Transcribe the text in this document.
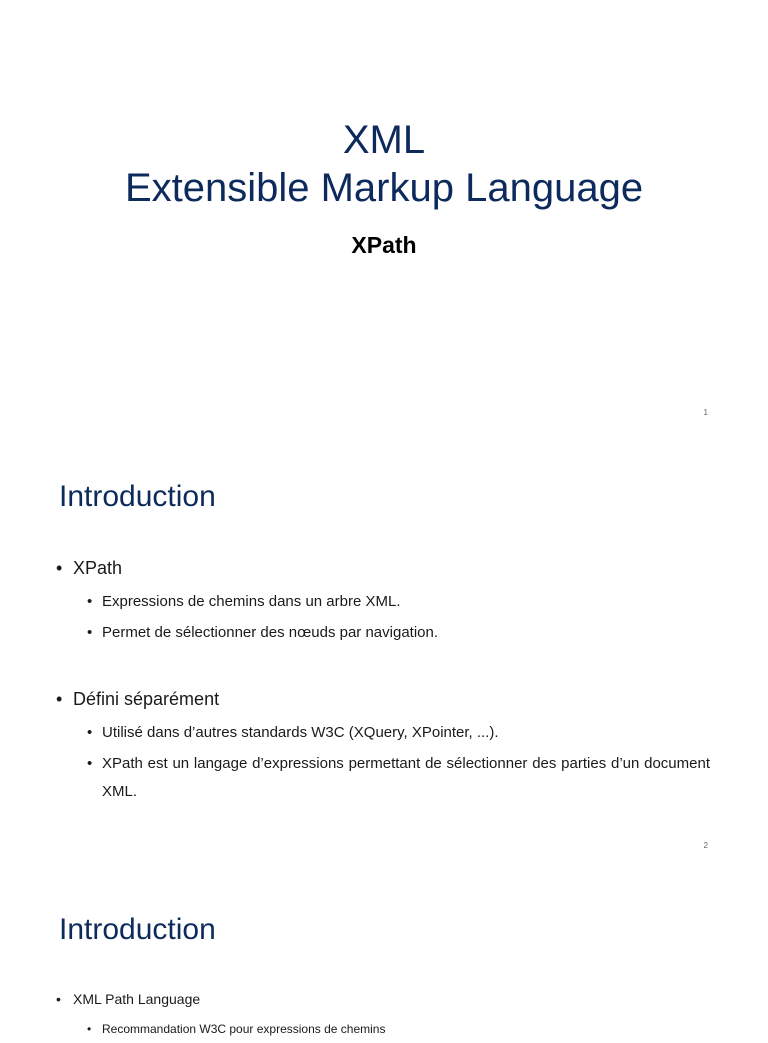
XML
Extensible Markup Language
XPath
1
Introduction
• XPath
• Expressions de chemins dans un arbre XML.
• Permet de sélectionner des nœuds par navigation.
• Défini séparément
• Utilisé dans d’autres standards W3C (XQuery, XPointer, ...).
• XPath est un langage d’expressions permettant de sélectionner des parties d’un document XML.
2
Introduction
• XML Path Language
• Recommandation W3C pour expressions de chemins
